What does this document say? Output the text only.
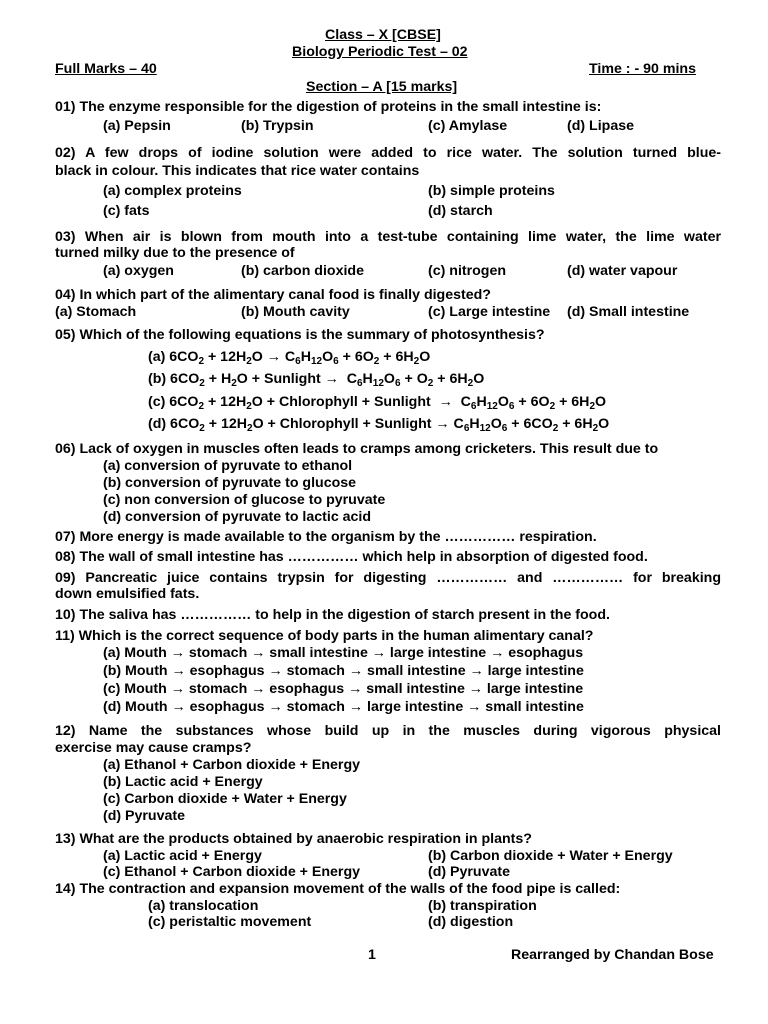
Class – X [CBSE]
Biology Periodic Test – 02
Full Marks – 40	Time : - 90 mins
Section – A [15 marks]
01) The enzyme responsible for the digestion of proteins in the small intestine is:
(a) Pepsin	(b) Trypsin	(c) Amylase	(d) Lipase
02) A few drops of iodine solution were added to rice water. The solution turned blue-
black in colour. This indicates that rice water contains
(a) complex proteins	(b) simple proteins
(c) fats	(d) starch
03) When air is blown from mouth into a test-tube containing lime water, the lime water
turned milky due to the presence of
(a) oxygen	(b) carbon dioxide	(c) nitrogen	(d) water vapour
04) In which part of the alimentary canal food is finally digested?
(a) Stomach	(b) Mouth cavity	(c) Large intestine (d) Small intestine
05) Which of the following equations is the summary of photosynthesis?
(a) $6CO_2 + 12H_2O \to C_6H_{12}O_6 + 6O_2 + 6H_2O$
(b) $6CO_2 + H_2O$ + Sunlight →  $C_6H_{12}O_6 + O_2 + 6H_2O$
(c) $6CO_2 + 12H_2O$ + Chlorophyll + Sunlight  →  $C_6H_{12}O_6 + 6O_2 + 6H_2O$
(d) $6CO_2 + 12H_2O$ + Chlorophyll + Sunlight → $C_6H_{12}O_6 + 6CO_2 + 6H_2O$
06) Lack of oxygen in muscles often leads to cramps among cricketers. This result due to
(a) conversion of pyruvate to ethanol
(b) conversion of pyruvate to glucose
(c) non conversion of glucose to pyruvate
(d) conversion of pyruvate to lactic acid
07) More energy is made available to the organism by the …………… respiration.
08) The wall of small intestine has …………… which help in absorption of digested food.
09) Pancreatic juice contains trypsin for digesting …………… and …………… for breaking
down emulsified fats.
10) The saliva has …………… to help in the digestion of starch present in the food.
11) Which is the correct sequence of body parts in the human alimentary canal?
(a) Mouth → stomach → small intestine → large intestine → esophagus
(b) Mouth → esophagus → stomach → small intestine → large intestine
(c) Mouth → stomach → esophagus → small intestine → large intestine
(d) Mouth → esophagus → stomach → large intestine → small intestine
12) Name the substances whose build up in the muscles during vigorous physical
exercise may cause cramps?
(a) Ethanol + Carbon dioxide + Energy
(b) Lactic acid + Energy
(c) Carbon dioxide + Water + Energy
(d) Pyruvate
13) What are the products obtained by anaerobic respiration in plants?
(a) Lactic acid + Energy	(b) Carbon dioxide + Water + Energy
(c) Ethanol + Carbon dioxide + Energy	(d) Pyruvate
14) The contraction and expansion movement of the walls of the food pipe is called:
(a) translocation	(b) transpiration
(c) peristaltic movement	(d) digestion
1	Rearranged by Chandan Bose
